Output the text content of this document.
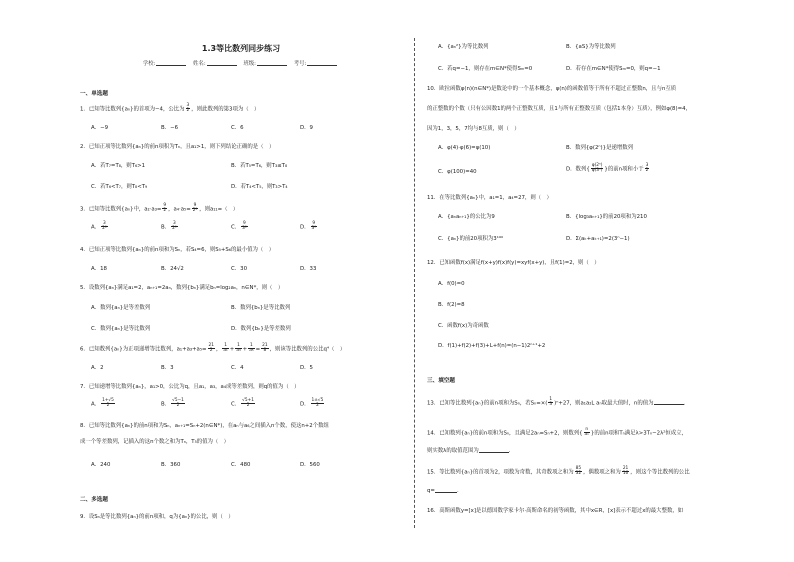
1.3等比数列同步练习
学校:	姓名:	班级:	考号:
一、单选题
1．已知等比数列{aₙ}的首项为−4，公比为 $\frac{3}{2}$ ，则此数列的第3项为（　）
A．−9	B．−6	C．6	D．9
2．已知正项等比数列{aₙ}的前n项积为Tₙ，且a₁>1，则下列结论正确的是（　）
A．若T₇=T₈，则T₆>1	B．若T₅=T₆，则T₃≤T₈
C．若T₆<T₇，则T₈<T₉	D．若T₄<T₅，则T₃>T₄
3．已知等比数列{aₙ}中，$a_2\cdot a_3= \frac{9}{2}$ ，$a_4\cdot a_5= \frac{9}{\text{2⁸}}$ ，则a₁₁=（　）
A． $\frac{3}{\text{2⁸}}$	B． $\frac{3}{\text{2⁹}}$	C． $\frac{9}{\text{3⁸}}$	D． $\frac{9}{\text{3⁹}}$
4．已知正项等比数列{aₙ}的前n项和为Sₙ，若S₄=6，则S₅+S₆的最小值为（　）
A．18	B．24√2	C．30	D．33
5．设数列{aₙ}满足a₁=2，aₙ₊₁=2aₙ，数列{bₙ}满足bₙ=log₂aₙ，n∈N*，则（　）
A．数列{aₙ}是等差数列	B．数列{bₙ}是等比数列
C．数列{aₙ}是等比数列	D．数列{bₙ}是等差数列
6．已知数列{aₙ}为正项递增等比数列，$a_1+a_3+a_5= \frac{21}{2}$ ， $\frac{1}{\text{a₁}} + \frac{1}{\text{a₃}} + \frac{1}{\text{a₅}} = \frac{21}{8}$ ，则该等比数列的公比q⁴（　）
A．2	B．3	C．4	D．5
7．已知递增等比数列{aₙ}，a₁>0，公比为q，且a₁，a₃，a₄成等差数列，则q的值为（　）
A． $\frac{1+√5}{2}$	B． $\frac{√5-1}{2}$	C． $\frac{√5+1}{2}$	D． $\frac{1\pm√5}{2}$
8．已知等比数列{aₙ}的前n项和为Sₙ，aₙ₊₁=Sₙ+2(n∈N*)，在aₙ与a₆之间插入n个数，使这n+2个数组
成一个等差数列，记插入的这n个数之和为Tₙ，T₅的值为（　）
A．240	B．360	C．480	D．560
二、多选题
9．设Sₙ是等比数列{aₙ}的前n项和，q为{aₙ}的公比，则（　）
A．{aₙ²}为等比数列	B．{aS}为等比数列
C．若q=−1，则存在m∈N*使得Sₘ=0	D．若存在m∈N*使得Sₘ=0，则q=−1
10．欧拉函数φ(n)(n∈N*)是数论中的一个基本概念，φ(n)的函数值等于所有不超过正整数n，且与n互质
的正整数的个数（只有公因数1的两个正整数互质，且1与所有正整数互质（包括1本身）互质），例如φ(8)=4，
因为1，3，5，7均与8互质，则（　）
A．φ(4)·φ(6)=φ(10)	B．数列{φ(2ⁿ)}是递增数列
C．φ(100)=40	D．数列{ $\frac{\text{φ(2ⁿ)}}{\text{φ(3ⁿ)}}$ }的前n项和小于 $\frac{3}{2}$
11．在等比数列{aₙ}中，a₁=1，a₄=27，则（　）
A．{aₙaₙ₊₁}的公比为9	B．{log₃aₙ₊₁}的前20项和为210
C．{aₙ}的前20项积为3¹⁹⁰	D．Σ(aₖ+aₖ₊₁)=2(3ⁿ−1)
12．已知函数f(x)满足f(x+y)f(x)f(y)=xyf(x+y)，且f(1)=2，则（　）
A．f(0)=0
B．f(2)=8
C．函数f(x)为奇函数
D．f(1)+f(2)+f(3)+L+f(n)=(n−1)2ⁿ⁺¹+2
三、填空题
13．已知等比数列{aₙ}的前n项和为Sₙ，若$S_n=\times( \frac{1}{3} )^n+27$，则a₁a₂L aₙ取最大值时，n的值为	.
14．已知数列{aₙ}的前n项和为Sₙ，且满足2aₙ=Sₙ+2，则数列{ $\frac{n}{\text{aₙ}}$ }的前n项和Tₙ满足λ>3Tₙ−2λ²恒成立，
则实数λ的取值范围为	.
15．等比数列{aₙ}的首项为2，项数为奇数，其奇数项之和为 $\frac{85}{32}$ ，偶数项之和为 $\frac{21}{16}$ ，则这个等比数列的公比
q=	.
16．高斯函数y=[x]是以德国数学家卡尔·高斯命名的初等函数，其中x∈R，[x]表示不超过x的最大整数，如
